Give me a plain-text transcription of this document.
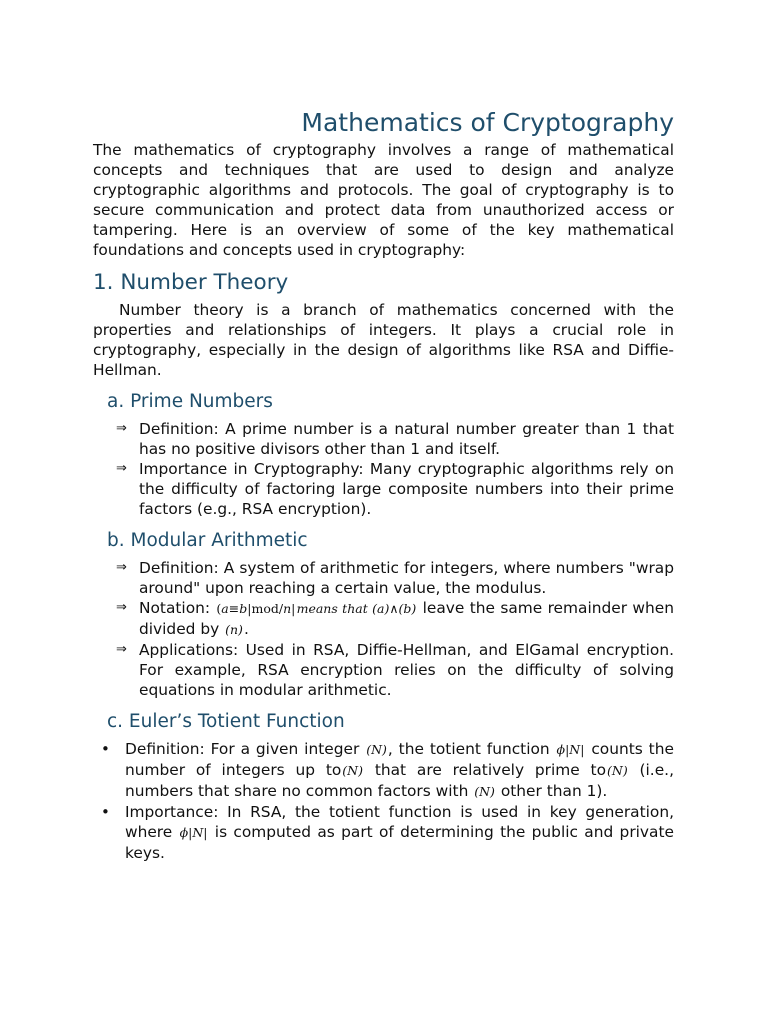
Mathematics of Cryptography

The mathematics of cryptography involves a range of mathematical concepts and techniques that are used to design and analyze cryptographic algorithms and protocols. The goal of cryptography is to secure communication and protect data from unauthorized access or tampering. Here is an overview of some of the key mathematical foundations and concepts used in cryptography:

1. Number Theory

Number theory is a branch of mathematics concerned with the properties and relationships of integers. It plays a crucial role in cryptography, especially in the design of algorithms like RSA and Diffie-Hellman.

a. Prime Numbers
⇒ Definition: A prime number is a natural number greater than 1 that has no positive divisors other than 1 and itself.
⇒ Importance in Cryptography: Many cryptographic algorithms rely on the difficulty of factoring large composite numbers into their prime factors (e.g., RSA encryption).
b. Modular Arithmetic
⇒ Definition: A system of arithmetic for integers, where numbers "wrap around" upon reaching a certain value, the modulus.
⇒ Notation: (a≡b|mod/n| means that (a)∧(b) leave the same remainder when divided by (n).
⇒ Applications: Used in RSA, Diffie-Hellman, and ElGamal encryption. For example, RSA encryption relies on the difficulty of solving equations in modular arithmetic.
c. Euler’s Totient Function
• Definition: For a given integer (N), the totient function ϕ|N| counts the number of integers up to(N) that are relatively prime to(N) (i.e., numbers that share no common factors with (N) other than 1).
• Importance: In RSA, the totient function is used in key generation, where ϕ|N| is computed as part of determining the public and private keys.
